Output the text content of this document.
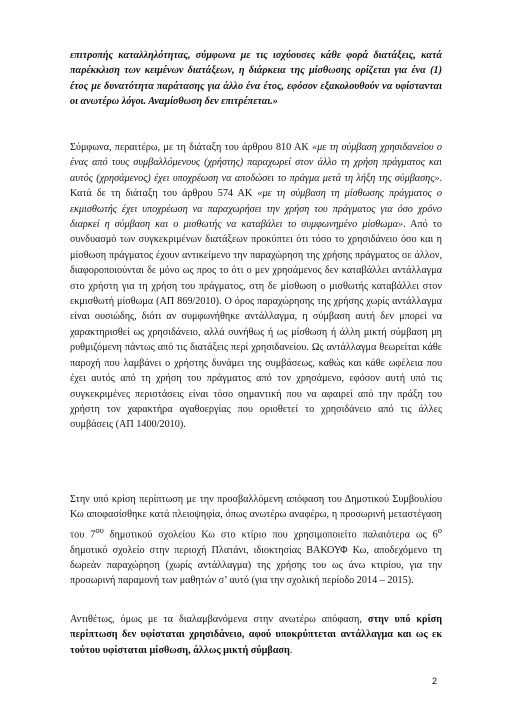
επιτροπής καταλληλότητας, σύμφωνα με τις ισχύουσες κάθε φορά διατάξεις, κατά παρέκκλιση των κειμένων διατάξεων, η διάρκεια της μίσθωσης ορίζεται για ένα (1) έτος με δυνατότητα παράτασης για άλλο ένα έτος, εφόσον εξακολουθούν να υφίστανται οι ανωτέρω λόγοι. Αναμίσθωση δεν επιτρέπεται.»

Σύμφωνα, περαιτέρω, με τη διάταξη του άρθρου 810 ΑΚ «με τη σύμβαση χρησιδανείου ο ένας από τους συμβαλλόμενους (χρήστης) παραχωρεί στον άλλο τη χρήση πράγματος και αυτός (χρησάμενος) έχει υποχρέωση να αποδώσει το πράγμα μετά τη λήξη της σύμβασης». Κατά δε τη διάταξη του άρθρου 574 ΑΚ «με τη σύμβαση τη μίσθωσης πράγματος ο εκμισθωτής έχει υποχρέωση να παραχωρήσει την χρήση του πράγματος για όσο χρόνο διαρκεί η σύμβαση και ο μισθωτής να καταβάλει το συμφωνημένο μίσθωμα». Από το συνδυασμό των συγκεκριμένων διατάξεων προκύπτει ότι τόσο το χρησιδάνειο όσο και η μίσθωση πράγματος έχουν αντικείμενο την παραχώρηση της χρήσης πράγματος σε άλλον, διαφοροποιούνται δε μόνο ως προς το ότι ο μεν χρησάμενος δεν καταβάλλει αντάλλαγμα στο χρήστη για τη χρήση του πράγματος, στη δε μίσθωση ο μισθωτής καταβάλλει στον εκμισθωτή μίσθωμα (ΑΠ 869/2010). Ο όρος παραχώρησης της χρήσης χωρίς αντάλλαγμα είναι ουσιώδης, διότι αν συμφωνήθηκε αντάλλαγμα, η σύμβαση αυτή δεν μπορεί να χαρακτηρισθεί ως χρησιδάνειο, αλλά συνήθως ή ως μίσθωση ή άλλη μικτή σύμβαση μη ρυθμιζόμενη πάντως από τις διατάξεις περί χρησιδανείου. Ως αντάλλαγμα θεωρείται κάθε παροχή που λαμβάνει ο χρήστης δυνάμει της συμβάσεως, καθώς και κάθε ωφέλεια που έχει αυτός από τη χρήση του πράγματος από τον χρησάμενο, εφόσον αυτή υπό τις συγκεκριμένες περιστάσεις είναι τόσο σημαντική που να αφαιρεί από την πράξη του χρήστη τον χαρακτήρα αγαθοεργίας που οριοθετεί το χρησιδάνειο από τις άλλες συμβάσεις (ΑΠ 1400/2010).

Στην υπό κρίση περίπτωση με την προσβαλλόμενη απόφαση του Δημοτικού Συμβουλίου Κω αποφασίσθηκε κατά πλειοψηφία, όπως ανωτέρω αναφέρω, η προσωρινή μεταστέγαση του $7^{o\upsilon}$ δημοτικού σχολείου Κω στο κτίριο που χρησιμοποιείτο παλαιότερα ως $6^o$ δημοτικό σχολείο στην περιοχή Πλατάνι, ιδιοκτησίας ΒΑΚΟΥΦ Κω, αποδεχόμενο τη δωρεάν παραχώρηση (χωρίς αντάλλαγμα) της χρήσης του ως άνω κτιρίου, για την προσωρινή παραμονή των μαθητών σ’ αυτό (για την σχολική περίοδο 2014 – 2015).

Αντιθέτως, όμως με τα διαλαμβανόμενα στην ανωτέρω απόφαση, στην υπό κρίση περίπτωση δεν υφίσταται χρησιδάνειο, αφού υποκρύπτεται αντάλλαγμα και ως εκ τούτου υφίσταται μίσθωση, άλλως μικτή σύμβαση.

2
